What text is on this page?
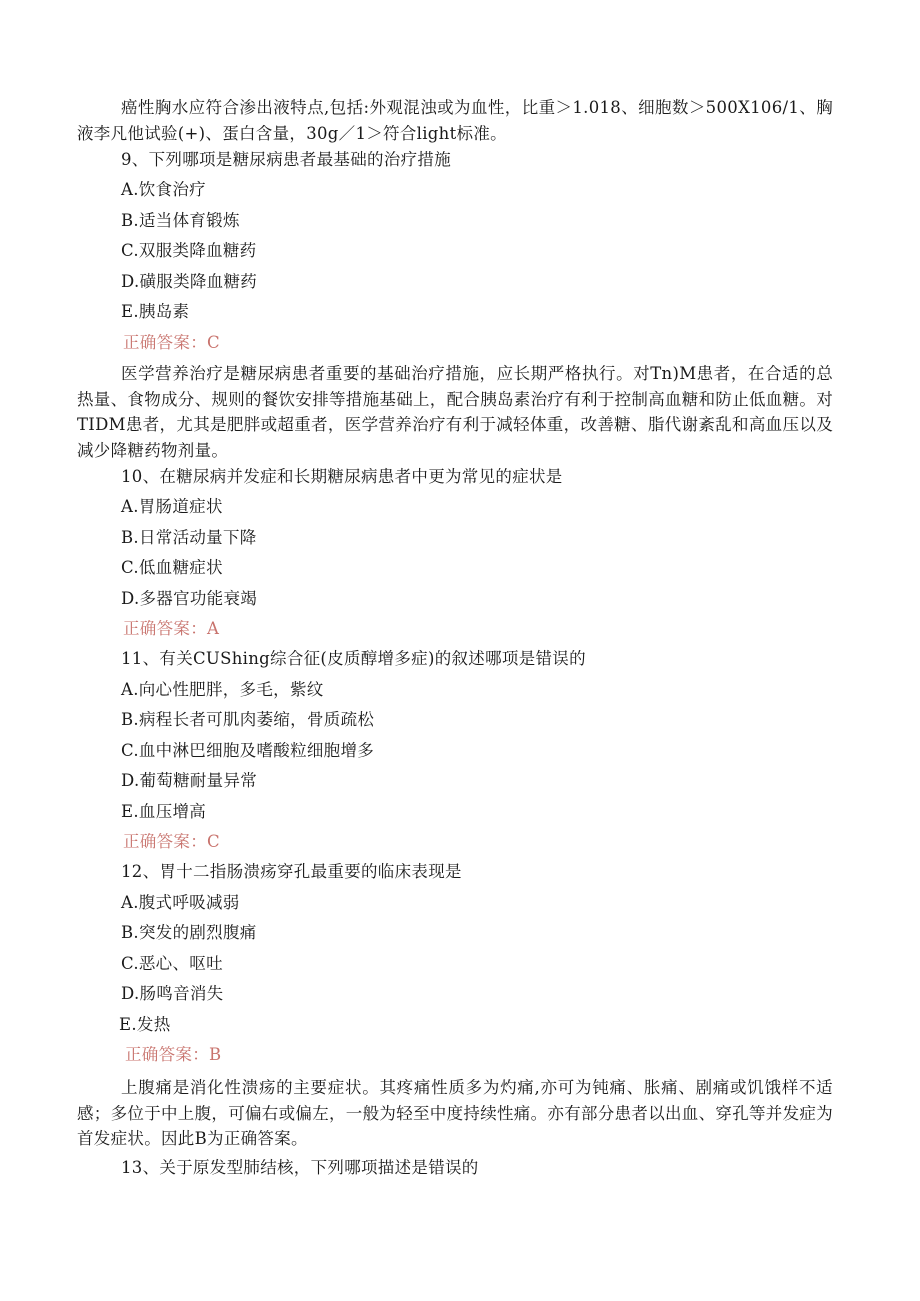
癌性胸水应符合渗出液特点,包括:外观混浊或为血性，比重＞1.018、细胞数＞500X106/1、胸液李凡他试验(+)、蛋白含量，30g／1＞符合light标准。
9、下列哪项是糖尿病患者最基础的治疗措施
A.饮食治疗
B.适当体育锻炼
C.双服类降血糖药
D.磺服类降血糖药
E.胰岛素
正确答案：C
医学营养治疗是糖尿病患者重要的基础治疗措施，应长期严格执行。对Tn)M患者，在合适的总热量、食物成分、规则的餐饮安排等措施基础上，配合胰岛素治疗有利于控制高血糖和防止低血糖。对TIDM患者，尤其是肥胖或超重者，医学营养治疗有利于减轻体重，改善糖、脂代谢紊乱和高血压以及减少降糖药物剂量。
10、在糖尿病并发症和长期糖尿病患者中更为常见的症状是
A.胃肠道症状
B.日常活动量下降
C.低血糖症状
D.多器官功能衰竭
正确答案：A
11、有关CUShing综合征(皮质醇增多症)的叙述哪项是错误的
A.向心性肥胖，多毛，紫纹
B.病程长者可肌肉萎缩，骨质疏松
C.血中淋巴细胞及嗜酸粒细胞增多
D.葡萄糖耐量异常
E.血压增高
正确答案：C
12、胃十二指肠溃疡穿孔最重要的临床表现是
A.腹式呼吸减弱
B.突发的剧烈腹痛
C.恶心、呕吐
D.肠鸣音消失
E.发热
正确答案：B
上腹痛是消化性溃疡的主要症状。其疼痛性质多为灼痛,亦可为钝痛、胀痛、剧痛或饥饿样不适感；多位于中上腹，可偏右或偏左，一般为轻至中度持续性痛。亦有部分患者以出血、穿孔等并发症为首发症状。因此B为正确答案。
13、关于原发型肺结核，下列哪项描述是错误的
